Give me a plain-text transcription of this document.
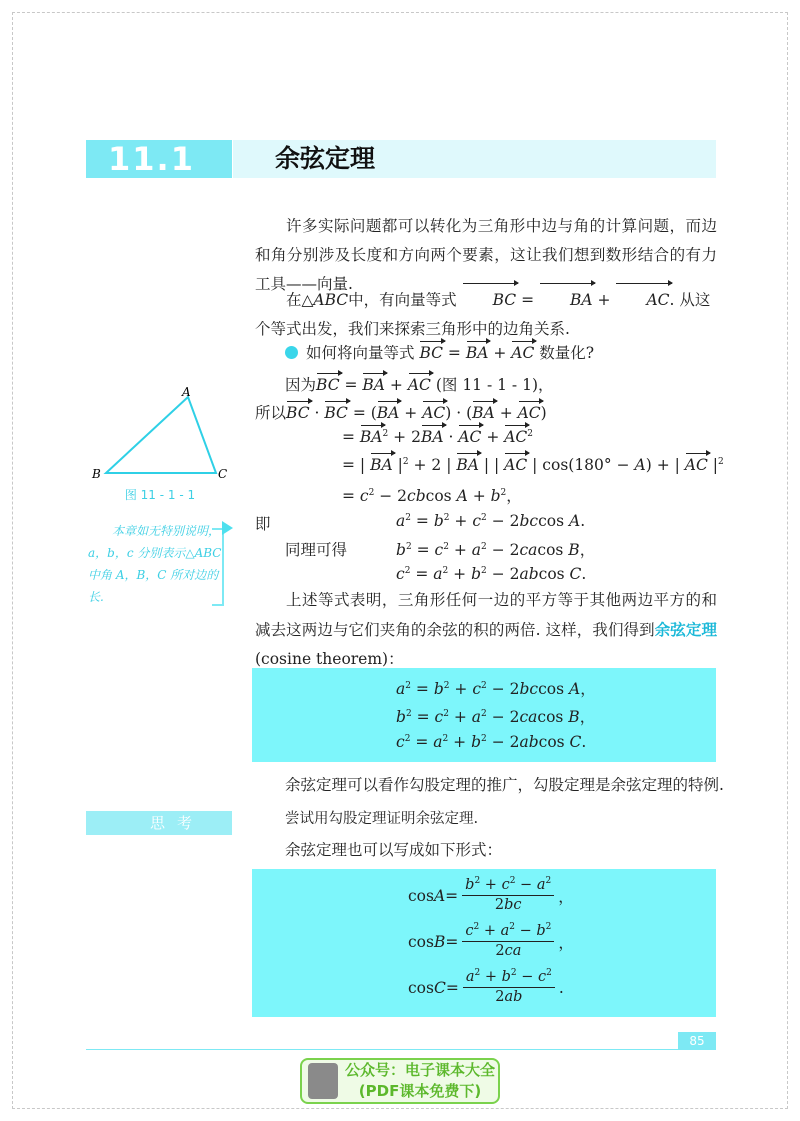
11.1	余弦定理
许多实际问题都可以转化为三角形中边与角的计算问题，而边和角分别涉及长度和方向两个要素，这让我们想到数形结合的有力工具——向量.
在△ABC中，有向量等式 BC = BA + AC. 从这个等式出发，我们来探索三角形中的边角关系.
如何将向量等式 BC = BA + AC 数量化?
因为BC = BA + AC (图 11 - 1 - 1)，
所以BC · BC = (BA + AC) · (BA + AC)
= $BA^2 + 2BA$ · AC + $AC^2$
= | BA $|^2 + 2$ | BA | | AC | cos(180° − A) + | AC $|^2$
= $c^2 - 2cbcos$ $A + b^2$，
即	$a^2 = b^2 + c^2 - 2bccos$ A.
同理可得	$b^2 = c^2 + a^2 - 2cacos$ B，
$c^2 = a^2 + b^2 - 2abcos$ C.
A
B	C
图 11 - 1 - 1
本章如无特别说明，a，b，c 分别表示△ABC 中角 A，B，C 所对边的长.	上述等式表明，三角形任何一边的平方等于其他两边平方的和减去这两边与它们夹角的余弦的积的两倍. 这样，我们得到余弦定理(cosine theorem)：
$a^2 = b^2 + c^2 - 2bccos$ A，
$b^2 = c^2 + a^2 - 2cacos$ B，
$c^2 = a^2 + b^2 - 2abcos$ C.
余弦定理可以看作勾股定理的推广，勾股定理是余弦定理的特例.
思考	尝试用勾股定理证明余弦定理.
余弦定理也可以写成如下形式：
$\cos A = \frac{b^2 + c^2 - a^2}{2bc}$ ，
$\cos B = \frac{c^2 + a^2 - b^2}{2ca}$ ，
$\cos C = \frac{a^2 + b^2 - c^2}{2ab}$ .
85
公众号：电子课本大全
(PDF课本免费下)
